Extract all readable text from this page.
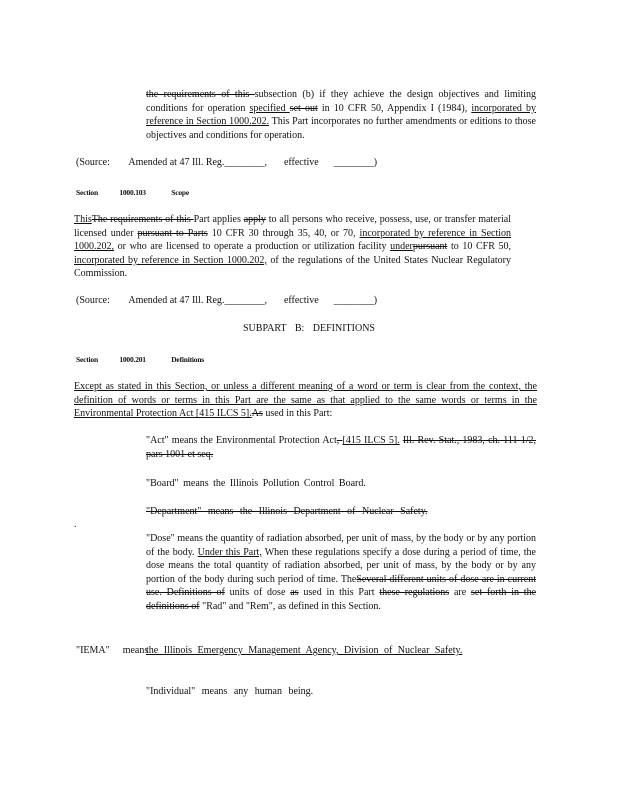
the requirements of this subsection (b) if they achieve the design objectives and limiting conditions for operation specified set out in 10 CFR 50, Appendix I (1984), incorporated by reference in Section 1000.202. This Part incorporates no further amendments or editions to those objectives and conditions for operation.
(Source: Amended at 47 Ill. Reg.________, effective ________)
Section	1000.103	Scope
ThisThe requirements of this Part applies apply to all persons who receive, possess, use, or transfer material licensed under pursuant to Parts 10 CFR 30 through 35, 40, or 70, incorporated by reference in Section 1000.202, or who are licensed to operate a production or utilization facility underpursuant to 10 CFR 50, incorporated by reference in Section 1000.202, of the regulations of the United States Nuclear Regulatory Commission.
(Source: Amended at 47 Ill. Reg.________, effective ________)
SUBPART B: DEFINITIONS
Section	1000.201	Definitions
Except as stated in this Section, or unless a different meaning of a word or term is clear from the context, the definition of words or terms in this Part are the same as that applied to the same words or terms in the Environmental Protection Act [415 ILCS 5].As used in this Part:
"Act" means the Environmental Protection Act, [415 ILCS 5]. Ill. Rev. Stat., 1983, ch. 111 1/2, pars 1001 et seq.
"Board" means the Illinois Pollution Control Board.
"Department" means the Illinois Department of Nuclear Safety.
.
"Dose" means the quantity of radiation absorbed, per unit of mass, by the body or by any portion of the body. Under this Part, When these regulations specify a dose during a period of time, the dose means the total quantity of radiation absorbed, per unit of mass, by the body or by any portion of the body during such period of time. TheSeveral different units of dose are in current use. Definitions of units of dose as used in this Part these regulations are set forth in the definitions of "Rad" and "Rem", as defined in this Section.
"IEMA" means
the Illinois Emergency Management Agency, Division of Nuclear Safety.
"Individual" means any human being.
